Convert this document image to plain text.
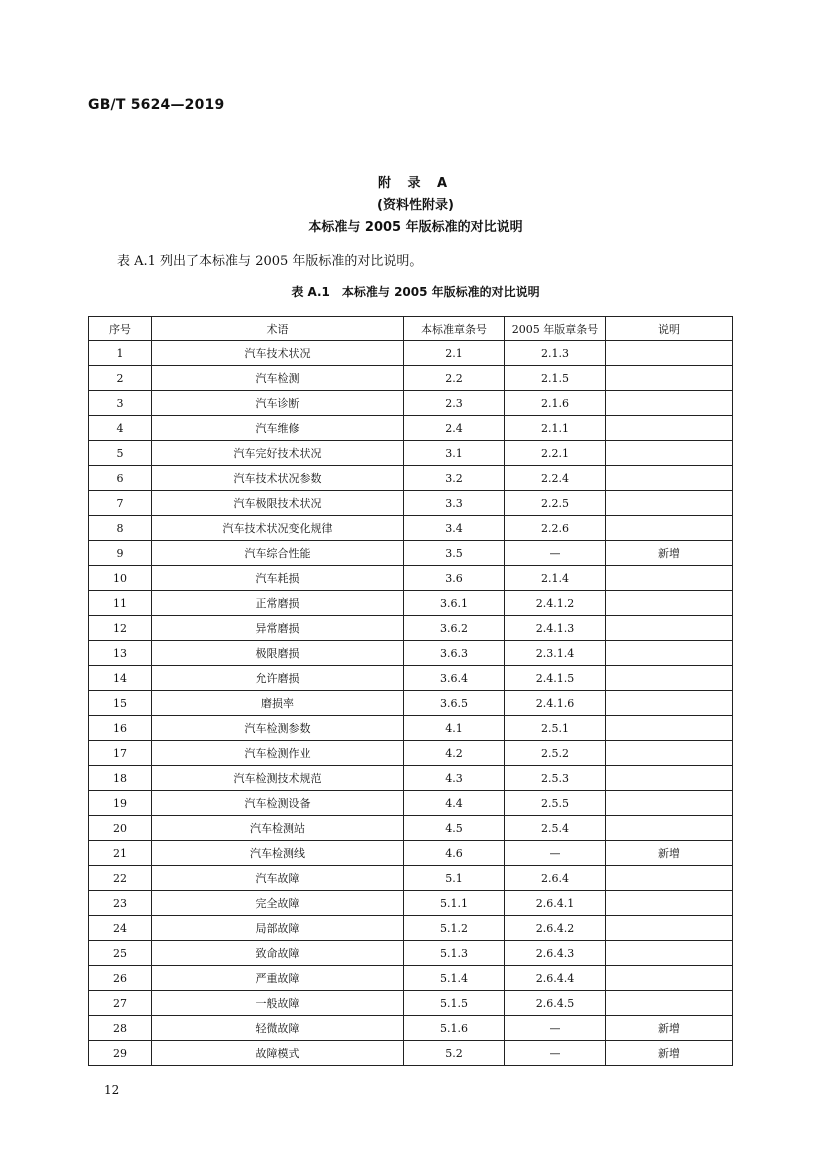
GB/T 5624—2019
附 录 A
(资料性附录)
本标准与 2005 年版标准的对比说明
表 A.1 列出了本标准与 2005 年版标准的对比说明。
表 A.1　本标准与 2005 年版标准的对比说明
序号	术语	本标准章条号	2005 年版章条号	说明
1	汽车技术状况	2.1	2.1.3	
2	汽车检测	2.2	2.1.5	
3	汽车诊断	2.3	2.1.6	
4	汽车维修	2.4	2.1.1	
5	汽车完好技术状况	3.1	2.2.1	
6	汽车技术状况参数	3.2	2.2.4	
7	汽车极限技术状况	3.3	2.2.5	
8	汽车技术状况变化规律	3.4	2.2.6	
9	汽车综合性能	3.5	—	新增
10	汽车耗损	3.6	2.1.4	
11	正常磨损	3.6.1	2.4.1.2	
12	异常磨损	3.6.2	2.4.1.3	
13	极限磨损	3.6.3	2.3.1.4	
14	允许磨损	3.6.4	2.4.1.5	
15	磨损率	3.6.5	2.4.1.6	
16	汽车检测参数	4.1	2.5.1	
17	汽车检测作业	4.2	2.5.2	
18	汽车检测技术规范	4.3	2.5.3	
19	汽车检测设备	4.4	2.5.5	
20	汽车检测站	4.5	2.5.4	
21	汽车检测线	4.6	—	新增
22	汽车故障	5.1	2.6.4	
23	完全故障	5.1.1	2.6.4.1	
24	局部故障	5.1.2	2.6.4.2	
25	致命故障	5.1.3	2.6.4.3	
26	严重故障	5.1.4	2.6.4.4	
27	一般故障	5.1.5	2.6.4.5	
28	轻微故障	5.1.6	—	新增
29	故障模式	5.2	—	新增
12
